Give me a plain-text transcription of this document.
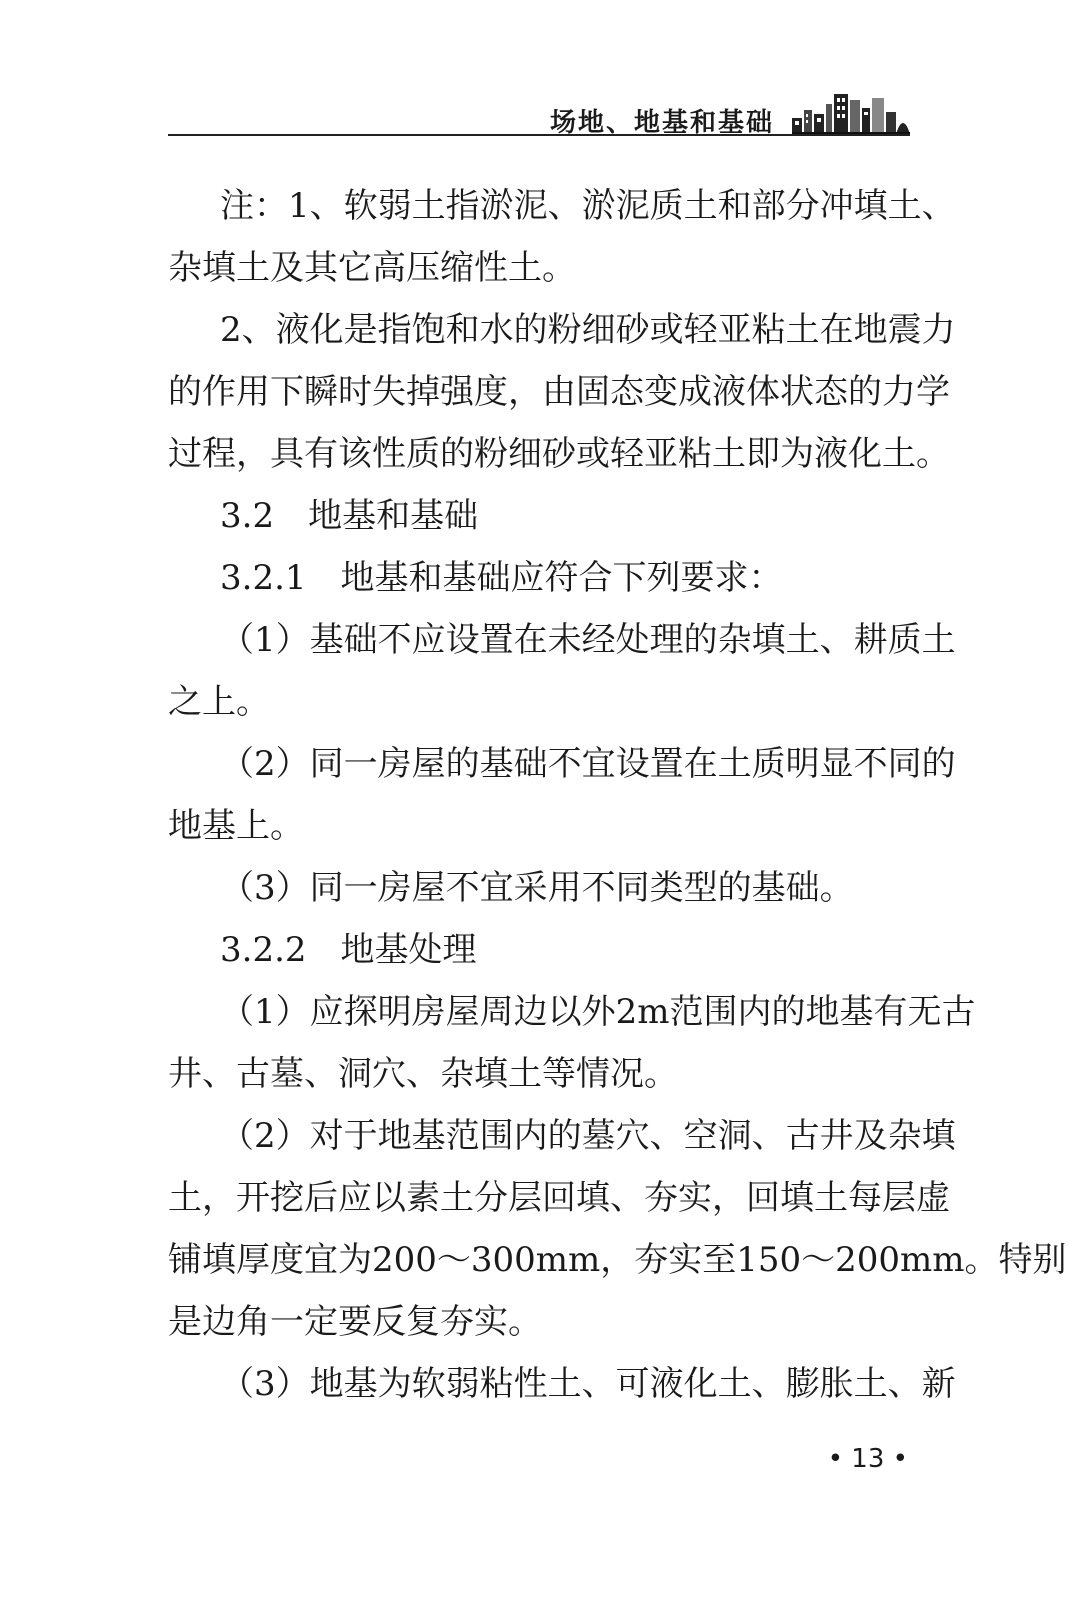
场地、地基和基础
注：1、软弱土指淤泥、淤泥质土和部分冲填土、
杂填土及其它高压缩性土。
2、液化是指饱和水的粉细砂或轻亚粘土在地震力
的作用下瞬时失掉强度，由固态变成液体状态的力学
过程，具有该性质的粉细砂或轻亚粘土即为液化土。
3.2 地基和基础
3.2.1 地基和基础应符合下列要求：
（1）基础不应设置在未经处理的杂填土、耕质土
之上。
（2）同一房屋的基础不宜设置在土质明显不同的
地基上。
（3）同一房屋不宜采用不同类型的基础。
3.2.2 地基处理
（1）应探明房屋周边以外2m范围内的地基有无古
井、古墓、洞穴、杂填土等情况。
（2）对于地基范围内的墓穴、空洞、古井及杂填
土，开挖后应以素土分层回填、夯实，回填土每层虚
铺填厚度宜为200～300mm，夯实至150～200mm。特别
是边角一定要反复夯实。
（3）地基为软弱粘性土、可液化土、膨胀土、新
• 13 •
